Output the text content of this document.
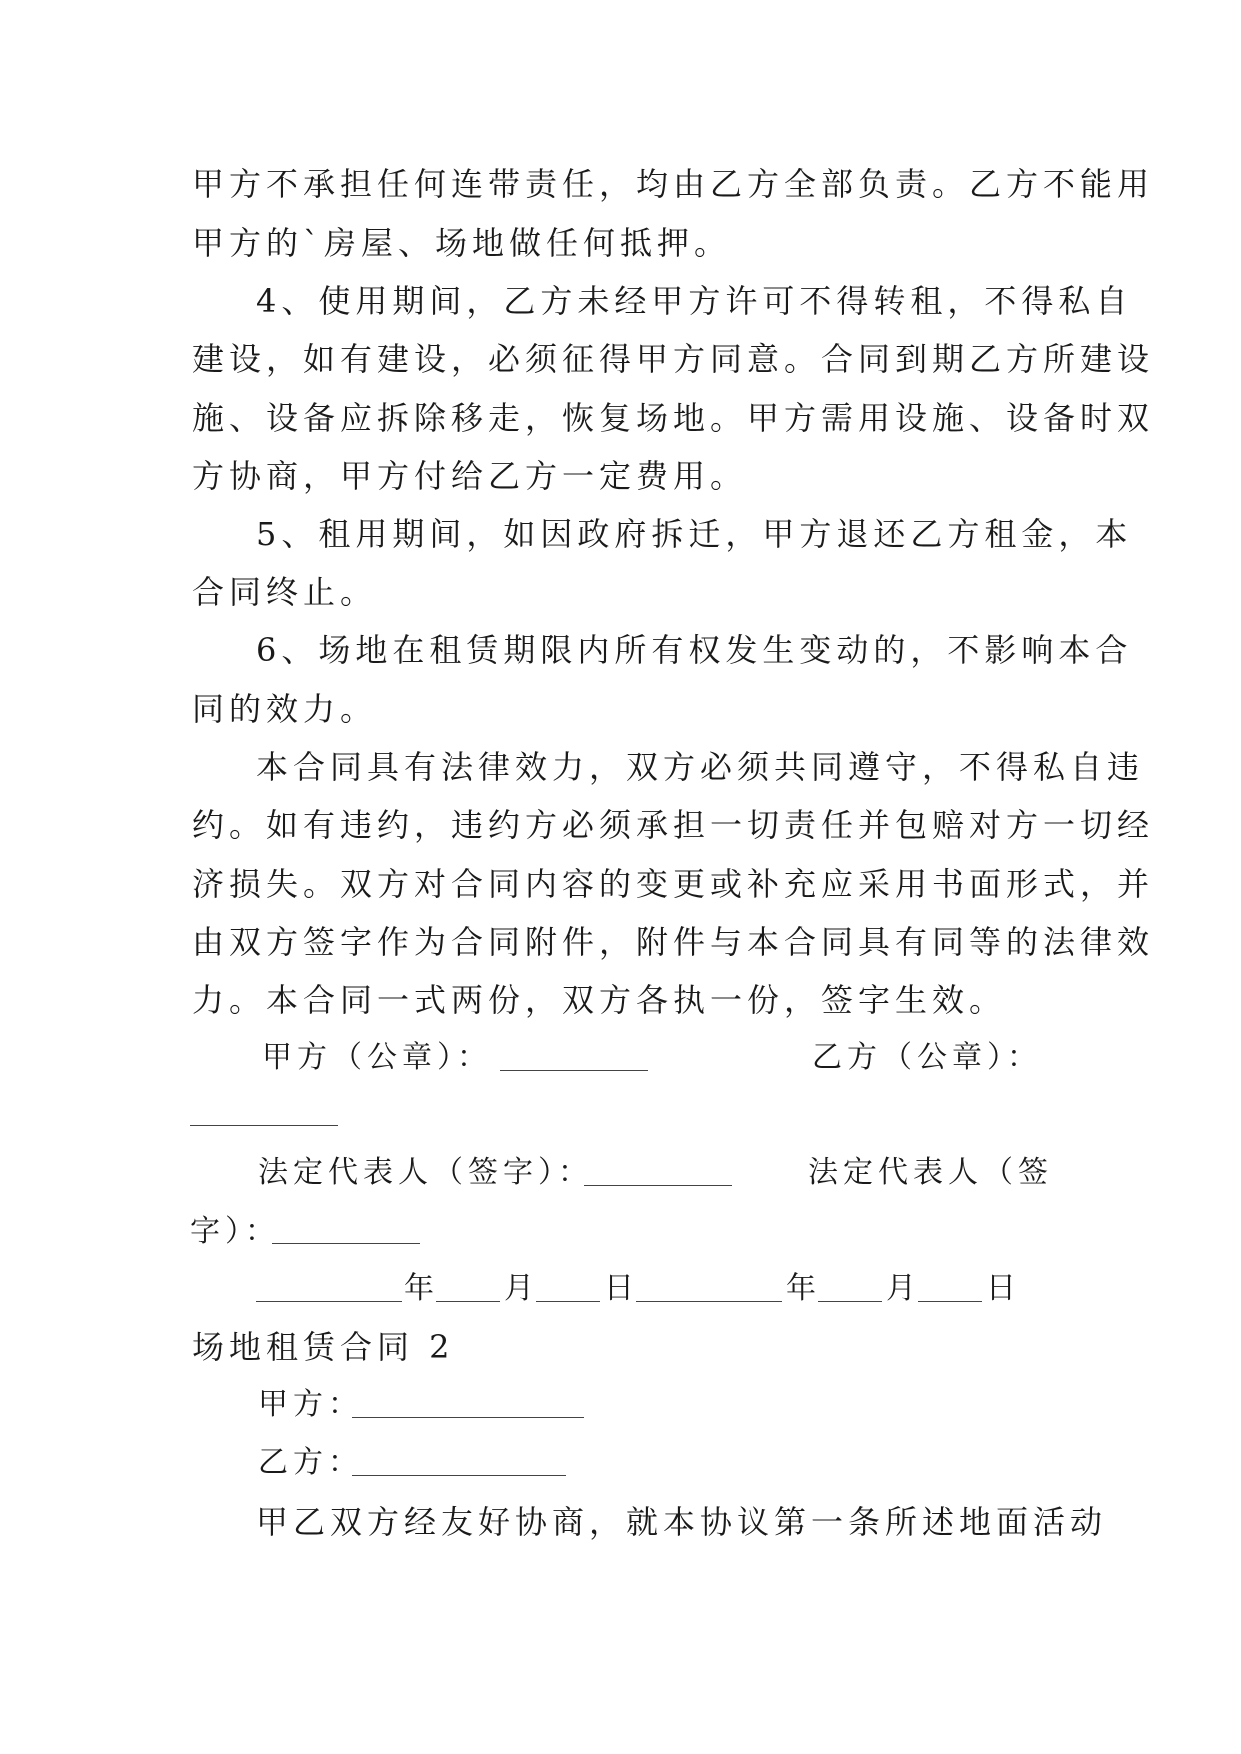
甲方不承担任何连带责任，均由乙方全部负责。乙方不能用
甲方的`房屋、场地做任何抵押。
4、使用期间，乙方未经甲方许可不得转租，不得私自
建设，如有建设，必须征得甲方同意。合同到期乙方所建设
施、设备应拆除移走，恢复场地。甲方需用设施、设备时双
方协商，甲方付给乙方一定费用。
5、租用期间，如因政府拆迁，甲方退还乙方租金，本
合同终止。
6、场地在租赁期限内所有权发生变动的，不影响本合
同的效力。
本合同具有法律效力，双方必须共同遵守，不得私自违
约。如有违约，违约方必须承担一切责任并包赔对方一切经
济损失。双方对合同内容的变更或补充应采用书面形式，并
由双方签字作为合同附件，附件与本合同具有同等的法律效
力。本合同一式两份，双方各执一份，签字生效。
甲方（公章）：	乙方（公章）：
法定代表人（签字）：	法定代表人（签
字）：
年 月 日	年 月 日
场地租赁合同 2
甲方：
乙方：
甲乙双方经友好协商，就本协议第一条所述地面活动
